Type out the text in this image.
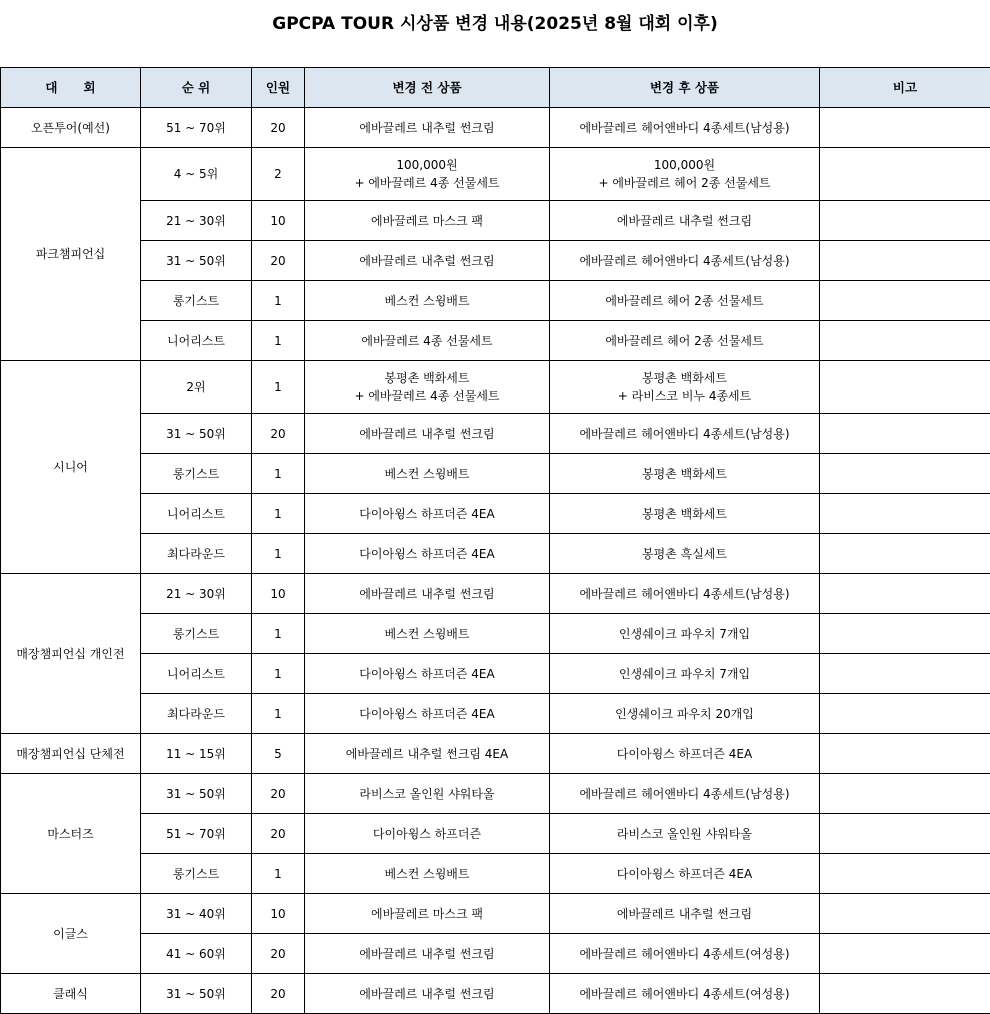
GPCPA TOUR 시상품 변경 내용(2025년 8월 대회 이후)
대      회	순 위	인원	변경 전 상품	변경 후 상품	비고
오픈투어(예선)	51 ~ 70위	20	에바끌레르 내추럴 썬크림	에바끌레르 헤어앤바디 4종세트(남성용)	

파크챔피언십	4 ~ 5위	2	100,000원
+ 에바끌레르 4종 선물세트	100,000원
+ 에바끌레르 헤어 2종 선물세트	

	21 ~ 30위	10	에바끌레르 마스크 팩	에바끌레르 내추럴 썬크림	

	31 ~ 50위	20	에바끌레르 내추럴 썬크림	에바끌레르 헤어앤바디 4종세트(남성용)	

	롱기스트	1	베스컨 스윙배트	에바끌레르 헤어 2종 선물세트	

	니어리스트	1	에바끌레르 4종 선물세트	에바끌레르 헤어 2종 선물세트	

시니어	2위	1	봉평촌 백화세트
+ 에바끌레르 4종 선물세트	봉평촌 백화세트
+ 라비스코 비누 4종세트	

	31 ~ 50위	20	에바끌레르 내추럴 썬크림	에바끌레르 헤어앤바디 4종세트(남성용)	

	롱기스트	1	베스컨 스윙배트	봉평촌 백화세트	

	니어리스트	1	다이아윙스 하프더즌 4EA	봉평촌 백화세트	

	최다라운드	1	다이아윙스 하프더즌 4EA	봉평촌 흑실세트	

매장챔피언십 개인전	21 ~ 30위	10	에바끌레르 내추럴 썬크림	에바끌레르 헤어앤바디 4종세트(남성용)	

	롱기스트	1	베스컨 스윙배트	인생쉐이크 파우치 7개입	

	니어리스트	1	다이아윙스 하프더즌 4EA	인생쉐이크 파우치 7개입	

	최다라운드	1	다이아윙스 하프더즌 4EA	인생쉐이크 파우치 20개입	

매장챔피언십 단체전	11 ~ 15위	5	에바끌레르 내추럴 썬크림 4EA	다이아윙스 하프더즌 4EA	

마스터즈	31 ~ 50위	20	라비스코 올인원 샤워타올	에바끌레르 헤어앤바디 4종세트(남성용)	

	51 ~ 70위	20	다이아윙스 하프더즌	라비스코 올인원 샤워타올	

	롱기스트	1	베스컨 스윙배트	다이아윙스 하프더즌 4EA	

이글스	31 ~ 40위	10	에바끌레르 마스크 팩	에바끌레르 내추럴 썬크림	

	41 ~ 60위	20	에바끌레르 내추럴 썬크림	에바끌레르 헤어앤바디 4종세트(여성용)	

클래식	31 ~ 50위	20	에바끌레르 내추럴 썬크림	에바끌레르 헤어앤바디 4종세트(여성용)	
